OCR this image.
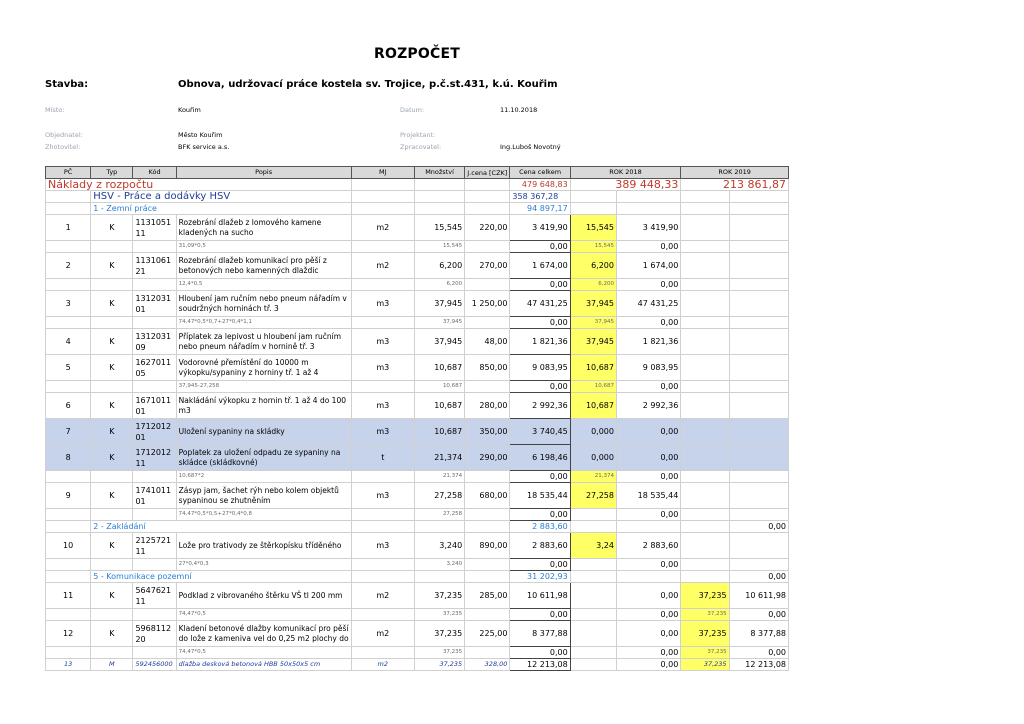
ROZPOČET
Stavba:	Obnova, udržovací práce kostela sv. Trojice, p.č.st.431, k.ú. Kouřim
Místo:	Kouřim	Datum:	11.10.2018
Objednatel:	Město Kouřim	Projektant:
Zhotovitel:	BFK service a.s.	Zpracovatel:	Ing.Luboš Novotný
PČ	Typ	Kód	Popis	MJ	Množství	J.cena [CZK]	Cena celkem	ROK 2018		ROK 2019	
Náklady z rozpočtu							479 648,83	389 448,33		213 861,87	
	HSV - Práce a dodávky HSV						358 367,28				
	1 - Zemní práce						94 897,17				
1	K	113105111	Rozebrání dlažeb z lomového kamene kladených na sucho	m2	15,545	220,00	3 419,90	15,545	3 419,90		
			31,09*0,5		15,545		0,00	15,545	0,00		
2	K	113106121	Rozebrání dlažeb komunikací pro pěší z betonových nebo kamenných dlaždic	m2	6,200	270,00	1 674,00	6,200	1 674,00		
			12,4*0,5		6,200		0,00	6,200	0,00		
3	K	131203101	Hloubení jam ručním nebo pneum nářadím v soudržných horninách tř. 3	m3	37,945	1 250,00	47 431,25	37,945	47 431,25		
			74,47*0,5*0,7+27*0,4*1,1		37,945		0,00	37,945	0,00		
4	K	131203109	Příplatek za lepivost u hloubení jam ručním nebo pneum nářadím v hornině tř. 3	m3	37,945	48,00	1 821,36	37,945	1 821,36		
5	K	162701105	Vodorovné přemístění do 10000 m výkopku/sypaniny z horniny tř. 1 až 4	m3	10,687	850,00	9 083,95	10,687	9 083,95		
			37,945-27,258		10,687		0,00	10,687	0,00		
6	K	167101101	Nakládání výkopku z hornin tř. 1 až 4 do 100 m3	m3	10,687	280,00	2 992,36	10,687	2 992,36		
7	K	171201201	Uložení sypaniny na skládky	m3	10,687	350,00	3 740,45	0,000	0,00		
8	K	171201211	Poplatek za uložení odpadu ze sypaniny na skládce (skládkovné)	t	21,374	290,00	6 198,46	0,000	0,00		
			10,687*2		21,374		0,00	21,374	0,00		
9	K	174101101	Zásyp jam, šachet rýh nebo kolem objektů sypaninou se zhutněním	m3	27,258	680,00	18 535,44	27,258	18 535,44		
			74,47*0,5*0,5+27*0,4*0,8		27,258		0,00		0,00		
	2 - Zakládání						2 883,60				0,00
10	K	212572111	Lože pro trativody ze štěrkopísku tříděného	m3	3,240	890,00	2 883,60	3,24	2 883,60		
			27*0,4*0,3		3,240		0,00		0,00		
	5 - Komunikace pozemní						31 202,93				0,00
11	K	564762111	Podklad z vibrovaného štěrku VŠ tl 200 mm	m2	37,235	285,00	10 611,98		0,00	37,235	10 611,98
			74,47*0,5		37,235		0,00		0,00	37,235	0,00
12	K	596811220	Kladení betonové dlažby komunikací pro pěší do lože z kameniva vel do 0,25 m2 plochy do	m2	37,235	225,00	8 377,88		0,00	37,235	8 377,88
			74,47*0,5		37,235		0,00		0,00	37,235	0,00
13	M	592456000	dlažba desková betonová HBB 50x50x5 cm	m2	37,235	328,00	12 213,08		0,00	37,235	12 213,08
